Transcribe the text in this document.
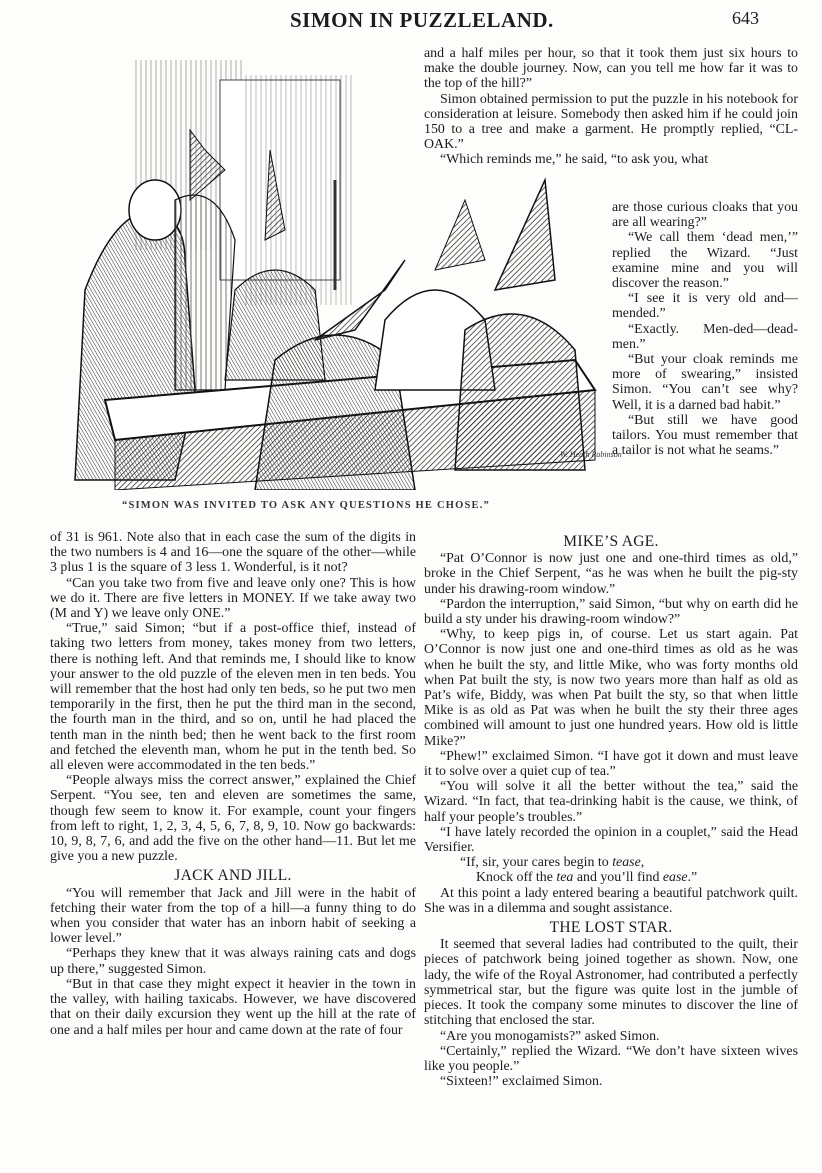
SIMON IN PUZZLELAND.	643
W. Heath Robinson
“SIMON WAS INVITED TO ASK ANY QUESTIONS HE CHOSE.”

and a half miles per hour, so that it took them just six hours to make the double journey. Now, can you tell me how far it was to the top of the hill?”

Simon obtained permission to put the puzzle in his notebook for consideration at leisure. Somebody then asked him if he could join 150 to a tree and make a garment. He promptly replied, “CL-OAK.”

“Which reminds me,” he said, “to ask you, what

are those curious cloaks that you are all wearing?”

“We call them ‘dead men,’” replied the Wizard. “Just examine mine and you will discover the reason.”

“I see it is very old and—mended.”

“Exactly. Men-ded—dead-men.”

“But your cloak reminds me more of swearing,” insisted Simon. “You can’t see why? Well, it is a darned bad habit.”

“But still we have good tailors. You must remember that a tailor is not what he seams.”

of 31 is 961. Note also that in each case the sum of the digits in the two numbers is 4 and 16—one the square of the other—while 3 plus 1 is the square of 3 less 1. Wonderful, is it not?

“Can you take two from five and leave only one? This is how we do it. There are five letters in MONEY. If we take away two (M and Y) we leave only ONE.”

“True,” said Simon; “but if a post-office thief, instead of taking two letters from money, takes money from two letters, there is nothing left. And that reminds me, I should like to know your answer to the old puzzle of the eleven men in ten beds. You will remember that the host had only ten beds, so he put two men temporarily in the first, then he put the third man in the second, the fourth man in the third, and so on, until he had placed the tenth man in the ninth bed; then he went back to the first room and fetched the eleventh man, whom he put in the tenth bed. So all eleven were accommodated in the ten beds.”

“People always miss the correct answer,” explained the Chief Serpent. “You see, ten and eleven are sometimes the same, though few seem to know it. For example, count your fingers from left to right, 1, 2, 3, 4, 5, 6, 7, 8, 9, 10. Now go backwards: 10, 9, 8, 7, 6, and add the five on the other hand—11. But let me give you a new puzzle.

JACK AND JILL.

“You will remember that Jack and Jill were in the habit of fetching their water from the top of a hill—a funny thing to do when you consider that water has an inborn habit of seeking a lower level.”

“Perhaps they knew that it was always raining cats and dogs up there,” suggested Simon.

“But in that case they might expect it heavier in the town in the valley, with hailing taxicabs. However, we have discovered that on their daily excursion they went up the hill at the rate of one and a half miles per hour and came down at the rate of four

MIKE’S AGE.

“Pat O’Connor is now just one and one-third times as old,” broke in the Chief Serpent, “as he was when he built the pig-sty under his drawing-room window.”

“Pardon the interruption,” said Simon, “but why on earth did he build a sty under his drawing-room window?”

“Why, to keep pigs in, of course. Let us start again. Pat O’Connor is now just one and one-third times as old as he was when he built the sty, and little Mike, who was forty months old when Pat built the sty, is now two years more than half as old as Pat’s wife, Biddy, was when Pat built the sty, so that when little Mike is as old as Pat was when he built the sty their three ages combined will amount to just one hundred years. How old is little Mike?”

“Phew!” exclaimed Simon. “I have got it down and must leave it to solve over a quiet cup of tea.”

“You will solve it all the better without the tea,” said the Wizard. “In fact, that tea-drinking habit is the cause, we think, of half your people’s troubles.”

“I have lately recorded the opinion in a couplet,” said the Head Versifier.

“If, sir, your cares begin to tease,
Knock off the tea and you’ll find ease.”

At this point a lady entered bearing a beautiful patchwork quilt. She was in a dilemma and sought assistance.

THE LOST STAR.

It seemed that several ladies had contributed to the quilt, their pieces of patchwork being joined together as shown. Now, one lady, the wife of the Royal Astronomer, had contributed a perfectly symmetrical star, but the figure was quite lost in the jumble of pieces. It took the company some minutes to discover the line of stitching that enclosed the star.

“Are you monogamists?” asked Simon.

“Certainly,” replied the Wizard. “We don’t have sixteen wives like you people.”

“Sixteen!” exclaimed Simon.
